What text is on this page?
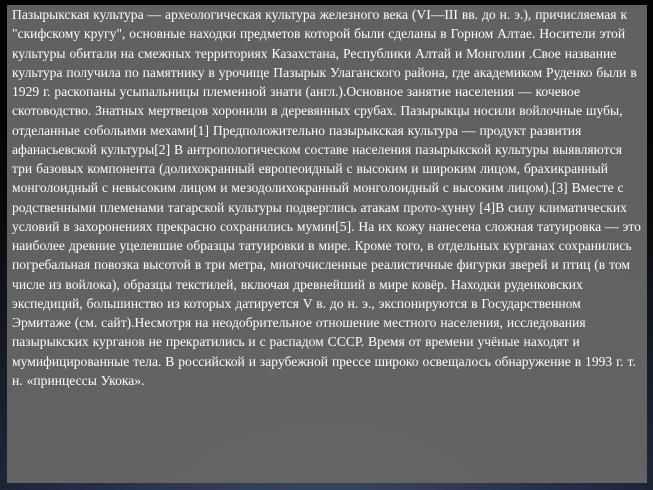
Пазырыкская культура — археологическая культура железного века (VI—III вв. до н. э.), причисляемая к "скифскому кругу", основные находки предметов которой были сделаны в Горном Алтае. Носители этой культуры обитали на смежных территориях Казахстана, Республики Алтай и Монголии .Свое название культура получила по памятнику в урочище Пазырык Улаганского района, где академиком Руденко были в 1929 г. раскопаны усыпальницы племенной знати (англ.).Основное занятие населения — кочевое скотоводство. Знатных мертвецов хоронили в деревянных срубах. Пазырыкцы носили войлочные шубы, отделанные собольими мехами[1] Предположительно пазырыкская культура — продукт развития афанасьевской культуры[2] В антропологическом составе населения пазырыкской культуры выявляются три базовых компонента (долихокранный европеоидный с высоким и широким лицом, брахикранный монголоидный с невысоким лицом и мезодолихокранный монголоидный с высоким лицом).[3] Вместе с родственными племенами тагарской культуры подверглись атакам прото-хунну [4]В силу климатических условий в захоронениях прекрасно сохранились мумии[5]. На их кожу нанесена сложная татуировка — это наиболее древние уцелевшие образцы татуировки в мире. Кроме того, в отдельных курганах сохранились погребальная повозка высотой в три метра, многочисленные реалистичные фигурки зверей и птиц (в том числе из войлока), образцы текстилей, включая древнейший в мире ковёр. Находки руденковских экспедиций, большинство из которых датируется V в. до н. э., экспонируются в Государственном Эрмитаже (см. сайт).Несмотря на неодобрительное отношение местного населения, исследования пазырыкских курганов не прекратились и с распадом СССР. Время от времени учёные находят и мумифицированные тела. В российской и зарубежной прессе широко освещалось обнаружение в 1993 г. т. н. «принцессы Укока».
